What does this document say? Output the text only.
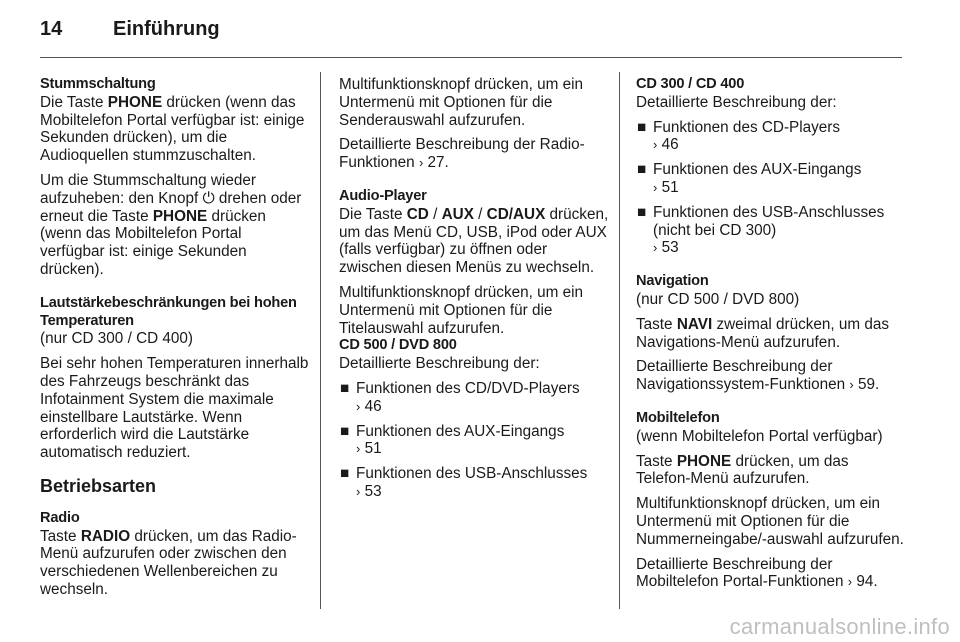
14	Einführung
Stummschaltung

Die Taste PHONE drücken (wenn das Mobiltelefon Portal verfügbar ist: einige Sekunden drücken), um die Audioquellen stummzuschalten.

Um die Stummschaltung wieder aufzuheben: den Knopf ⏻ drehen oder erneut die Taste PHONE drücken (wenn das Mobiltelefon Portal verfügbar ist: einige Sekunden drücken).

Lautstärkebeschränkungen bei hohen Temperaturen

(nur CD 300 / CD 400)

Bei sehr hohen Temperaturen innerhalb des Fahrzeugs beschränkt das Infotainment System die maximale einstellbare Lautstärke. Wenn erforderlich wird die Lautstärke automatisch reduziert.

Betriebsarten
Radio

Taste RADIO drücken, um das Radio-Menü aufzurufen oder zwischen den verschiedenen Wellenbereichen zu wechseln.

Multifunktionsknopf drücken, um ein Untermenü mit Optionen für die Senderauswahl aufzurufen.

Detaillierte Beschreibung der Radio-Funktionen › 27.

Audio-Player

Die Taste CD / AUX / CD/AUX drücken, um das Menü CD, USB, iPod oder AUX (falls verfügbar) zu öffnen oder zwischen diesen Menüs zu wechseln.

Multifunktionsknopf drücken, um ein Untermenü mit Optionen für die Titelauswahl aufzurufen.

CD 500 / DVD 800

Detaillierte Beschreibung der:

■ Funktionen des CD/DVD-Players
› 46
■ Funktionen des AUX-Eingangs
› 51
■ Funktionen des USB-Anschlusses
› 53
CD 300 / CD 400

Detaillierte Beschreibung der:

■ Funktionen des CD-Players
› 46
■ Funktionen des AUX-Eingangs
› 51
■ Funktionen des USB-Anschlusses (nicht bei CD 300)
› 53
Navigation

(nur CD 500 / DVD 800)

Taste NAVI zweimal drücken, um das Navigations-Menü aufzurufen.

Detaillierte Beschreibung der Navigationssystem-Funktionen › 59.

Mobiltelefon

(wenn Mobiltelefon Portal verfügbar)

Taste PHONE drücken, um das Telefon-Menü aufzurufen.

Multifunktionsknopf drücken, um ein Untermenü mit Optionen für die Nummerneingabe/-auswahl aufzurufen.

Detaillierte Beschreibung der Mobiltelefon Portal-Funktionen › 94.

carmanualsonline.info
